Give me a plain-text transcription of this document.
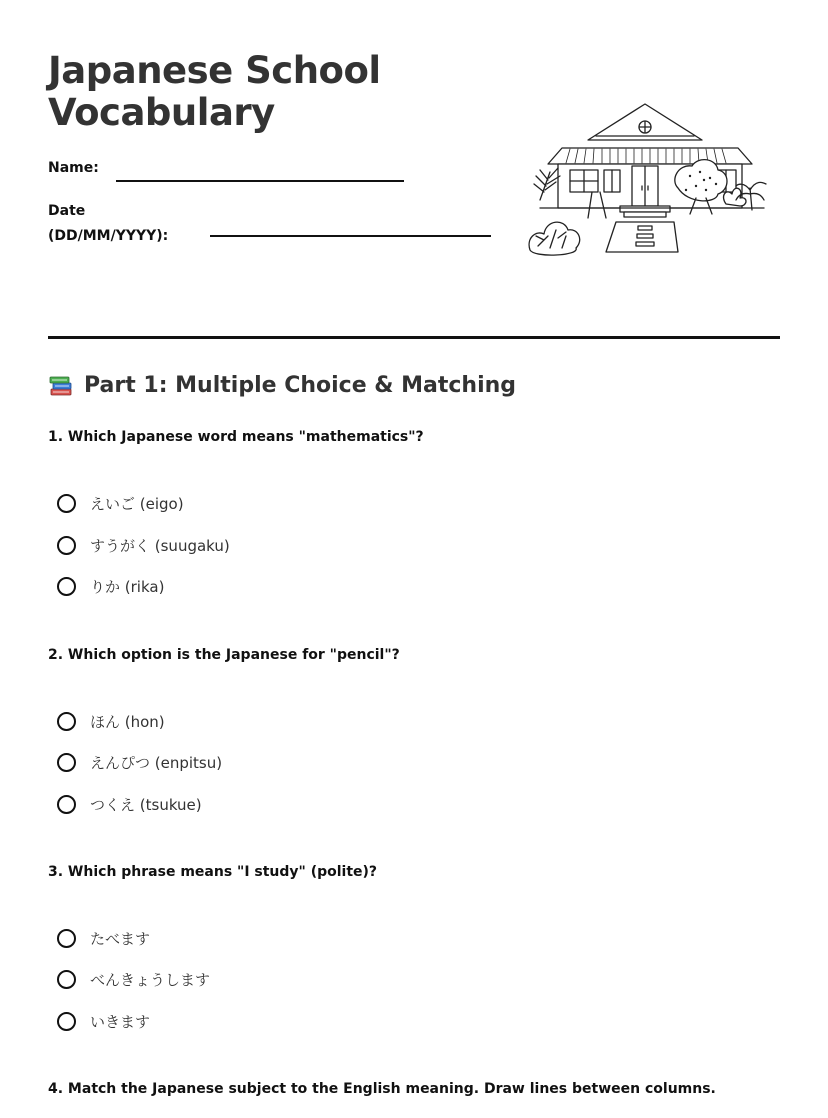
Japanese School
Vocabulary
Name:
Date
(DD/MM/YYYY):
Part 1: Multiple Choice & Matching

1. Which Japanese word means "mathematics"?

えいご (eigo)
すうがく (suugaku)
りか (rika)

2. Which option is the Japanese for "pencil"?

ほん (hon)
えんぴつ (enpitsu)
つくえ (tsukue)

3. Which phrase means "I study" (polite)?

たべます
べんきょうします
いきます

4. Match the Japanese subject to the English meaning. Draw lines between columns.
